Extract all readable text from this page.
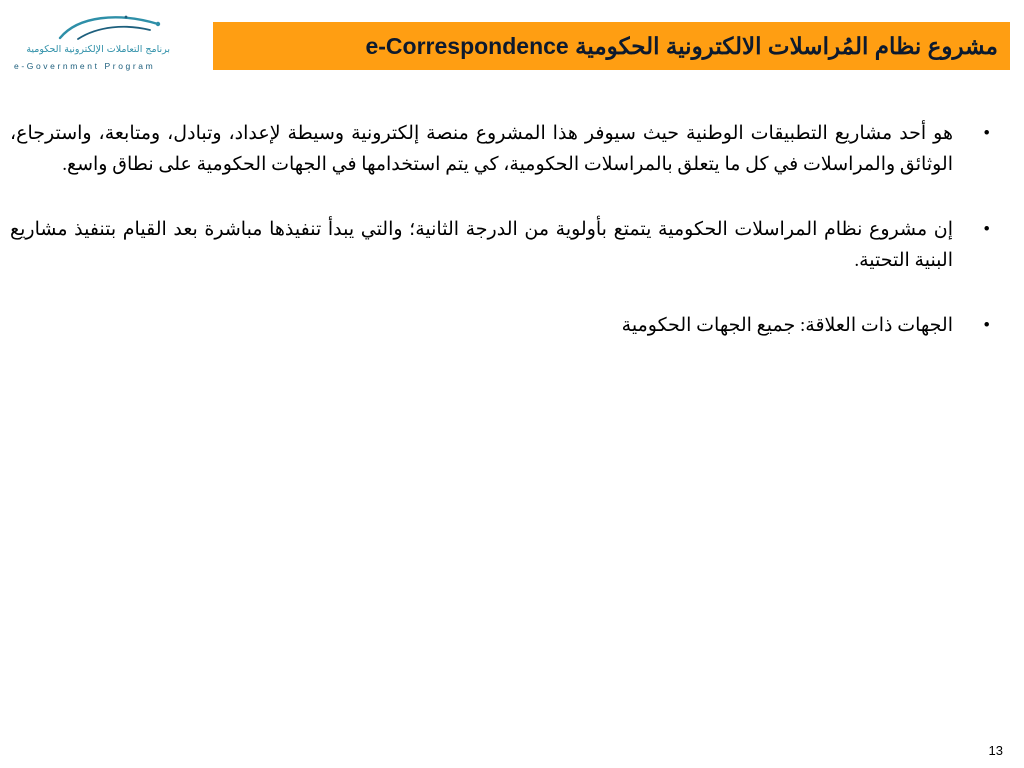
برنامج التعاملات الإلكترونية الحكومية
e-Government Program
مشروع نظام المُراسلات الالكترونية الحكومية e-Correspondence
•
هو أحد مشاريع التطبيقات الوطنية حيث سيوفر هذا المشروع منصة إلكترونية وسيطة لإعداد، وتبادل، ومتابعة، واسترجاع، الوثائق والمراسلات في كل ما يتعلق بالمراسلات الحكومية، كي يتم استخدامها في الجهات الحكومية على نطاق واسع.
•
إن مشروع نظام المراسلات الحكومية يتمتع بأولوية من الدرجة الثانية؛ والتي يبدأ تنفيذها مباشرة بعد القيام بتنفيذ مشاريع البنية التحتية.
•
الجهات ذات العلاقة: جميع الجهات الحكومية
13
